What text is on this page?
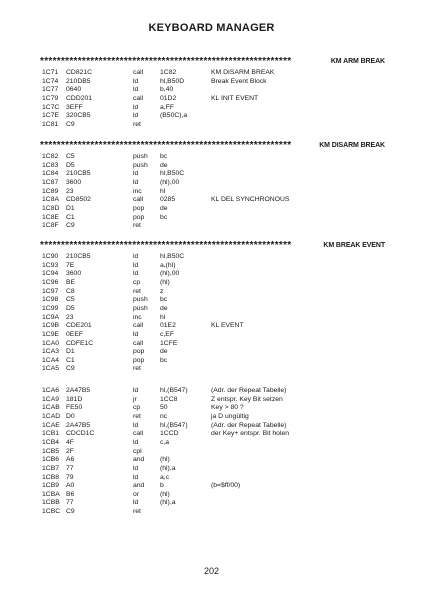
KEYBOARD MANAGER
************************************************************	KM ARM BREAK
1C71 CD821C	call 1C82	KM DISARM BREAK
1C74 210DB5	ld	hl,B50D	Break Event Block
1C77 0640	ld	b,40
1C79 CDD201	call 01D2	KL INIT EVENT
1C7C 3EFF	ld	a,FF
1C7E 320CB5	ld	(B50C),a
1C81 C9	ret
************************************************************	KM DISARM BREAK
1C82 C5	push bc
1C83 D5	push de
1C84 210CB5	ld	hl,B50C
1C87 3600	ld	(hl),00
1C89 23	inc	hl
1C8A CD8502	call 0285	KL DEL SYNCHRONOUS
1C8D D1	pop de
1C8E C1	pop bc
1C8F C9	ret
************************************************************	KM BREAK EVENT
1C90 210CB5	ld	hl,B50C
1C93 7E	ld	a,(hl)
1C94 3600	ld	(hl),00
1C96 BE	cp	(hl)
1C97 C8	ret	z
1C98 C5	push bc
1C99 D5	push de
1C9A 23	inc	hl
1C9B CDE201	call 01E2	KL EVENT
1C9E 0EEF	ld	c,EF
1CA0 CDFE1C	call 1CFE
1CA3 D1	pop de
1CA4 C1	pop bc
1CA5 C9	ret
1CA6 2A47B5	ld	hl,(B547)	(Adr. der Repeat Tabelle)
1CA9 181D	jr	1CC8	Z entspr. Key Bit setzen
1CAB FE50	cp	50	Key > 80 ?
1CAD D0	ret	nc	ja D ungültig
1CAE 2A47B5	ld	hl,(B547)	(Adr. der Repeat Tabelle)
1CB1 CDCD1C	call 1CCD	der Key+ entspr. Bit holen
1CB4 4F	ld	c,a
1CB5 2F	cpl
1CB6 A6	and (hl)
1CB7 77	ld	(hl),a
1CB8 79	ld	a,c
1CB9 A0	and b	(b=$ff/00)
1CBA B6	or	(hl)
1CBB 77	ld	(hl),a
1CBC C9	ret
202
